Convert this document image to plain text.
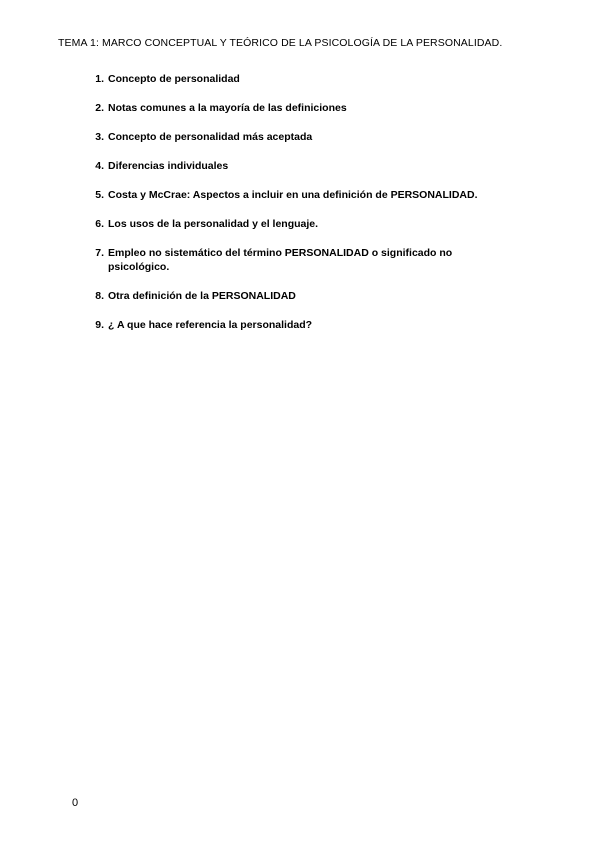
TEMA 1: MARCO CONCEPTUAL Y TEÓRICO DE LA PSICOLOGÍA DE LA PERSONALIDAD.
1. Concepto de personalidad
2. Notas comunes a la mayoría de las definiciones
3. Concepto de personalidad más aceptada
4. Diferencias individuales
5. Costa y McCrae: Aspectos a incluir en una definición de PERSONALIDAD.
6. Los usos de la personalidad y el lenguaje.
7. Empleo no sistemático del término PERSONALIDAD o significado no psicológico.
8. Otra definición de la PERSONALIDAD
9. ¿ A que hace referencia la personalidad?
0
